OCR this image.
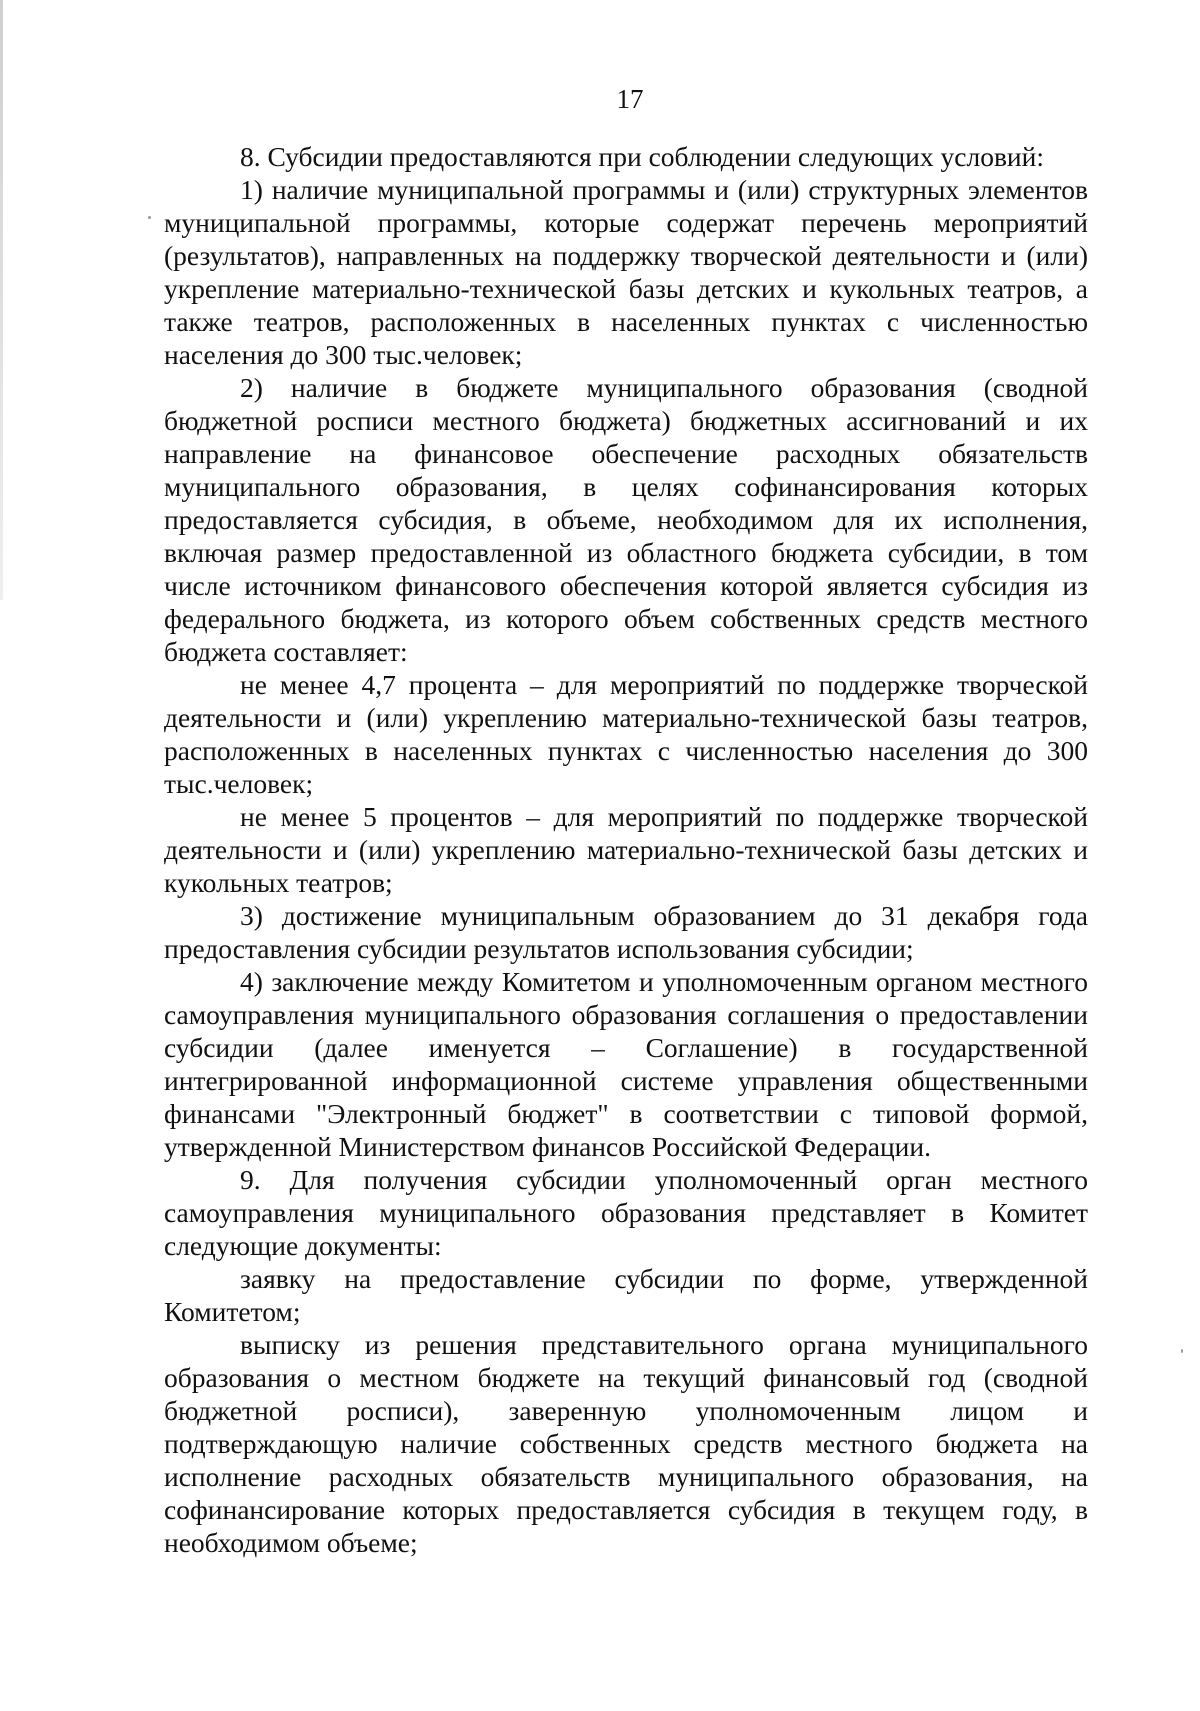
17

8. Субсидии предоставляются при соблюдении следующих условий:

1) наличие муниципальной программы и (или) структурных элементов муниципальной программы, которые содержат перечень мероприятий (результатов), направленных на поддержку творческой деятельности и (или) укрепление материально-технической базы детских и кукольных театров, а также театров, расположенных в населенных пунктах с численностью населения до 300 тыс.человек;

2) наличие в бюджете муниципального образования (сводной бюджетной росписи местного бюджета) бюджетных ассигнований и их направление на финансовое обеспечение расходных обязательств муниципального образования, в целях софинансирования которых предоставляется субсидия, в объеме, необходимом для их исполнения, включая размер предоставленной из областного бюджета субсидии, в том числе источником финансового обеспечения которой является субсидия из федерального бюджета, из которого объем собственных средств местного бюджета составляет:

не менее 4,7 процента – для мероприятий по поддержке творческой деятельности и (или) укреплению материально-технической базы театров, расположенных в населенных пунктах с численностью населения до 300 тыс.человек;

не менее 5 процентов – для мероприятий по поддержке творческой деятельности и (или) укреплению материально-технической базы детских и кукольных театров;

3) достижение муниципальным образованием до 31 декабря года предоставления субсидии результатов использования субсидии;

4) заключение между Комитетом и уполномоченным органом местного самоуправления муниципального образования соглашения о предоставлении субсидии (далее именуется – Соглашение) в государственной интегрированной информационной системе управления общественными финансами "Электронный бюджет" в соответствии с типовой формой, утвержденной Министерством финансов Российской Федерации.

9. Для получения субсидии уполномоченный орган местного самоуправления муниципального образования представляет в Комитет следующие документы:

заявку на предоставление субсидии по форме, утвержденной Комитетом;

выписку из решения представительного органа муниципального образования о местном бюджете на текущий финансовый год (сводной бюджетной росписи), заверенную уполномоченным лицом и подтверждающую наличие собственных средств местного бюджета на исполнение расходных обязательств муниципального образования, на софинансирование которых предоставляется субсидия в текущем году, в необходимом объеме;
